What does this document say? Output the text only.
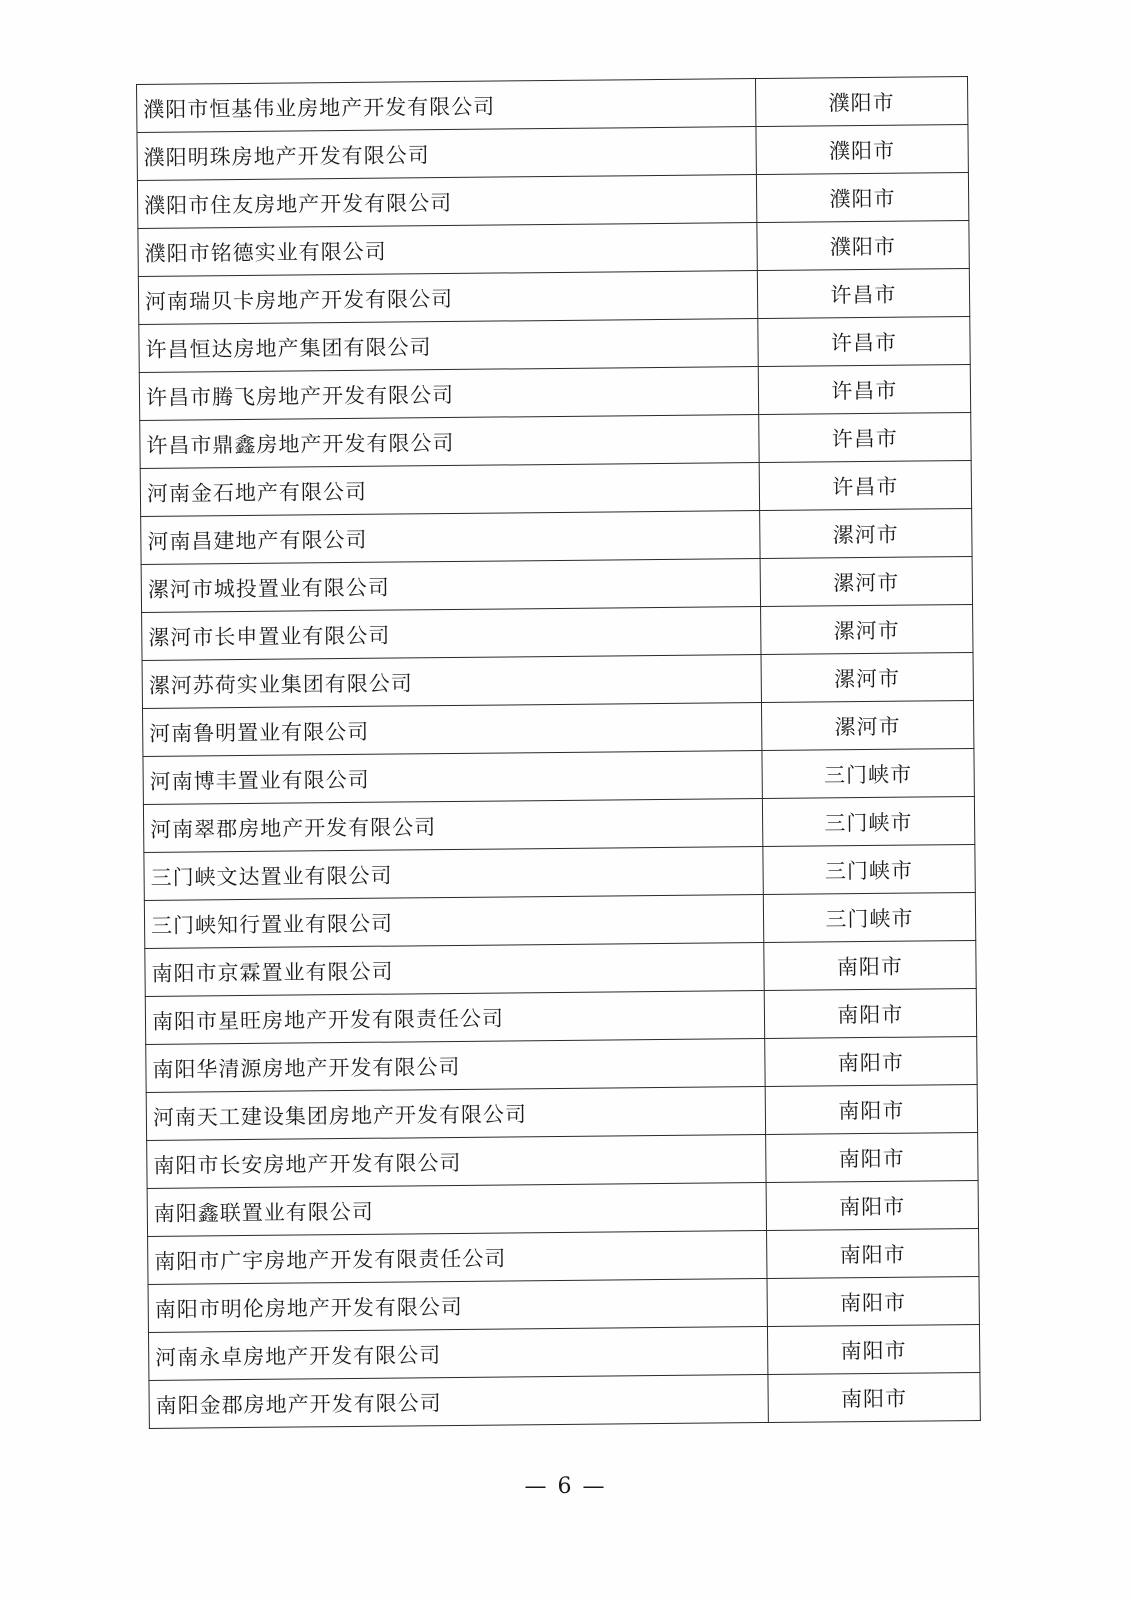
濮阳市恒基伟业房地产开发有限公司	濮阳市
濮阳明珠房地产开发有限公司	濮阳市
濮阳市住友房地产开发有限公司	濮阳市
濮阳市铭德实业有限公司	濮阳市
河南瑞贝卡房地产开发有限公司	许昌市
许昌恒达房地产集团有限公司	许昌市
许昌市腾飞房地产开发有限公司	许昌市
许昌市鼎鑫房地产开发有限公司	许昌市
河南金石地产有限公司	许昌市
河南昌建地产有限公司	漯河市
漯河市城投置业有限公司	漯河市
漯河市长申置业有限公司	漯河市
漯河苏荷实业集团有限公司	漯河市
河南鲁明置业有限公司	漯河市
河南博丰置业有限公司	三门峡市
河南翠郡房地产开发有限公司	三门峡市
三门峡文达置业有限公司	三门峡市
三门峡知行置业有限公司	三门峡市
南阳市京霖置业有限公司	南阳市
南阳市星旺房地产开发有限责任公司	南阳市
南阳华清源房地产开发有限公司	南阳市
河南天工建设集团房地产开发有限公司	南阳市
南阳市长安房地产开发有限公司	南阳市
南阳鑫联置业有限公司	南阳市
南阳市广宇房地产开发有限责任公司	南阳市
南阳市明伦房地产开发有限公司	南阳市
河南永卓房地产开发有限公司	南阳市
南阳金郡房地产开发有限公司	南阳市
— 6 —
